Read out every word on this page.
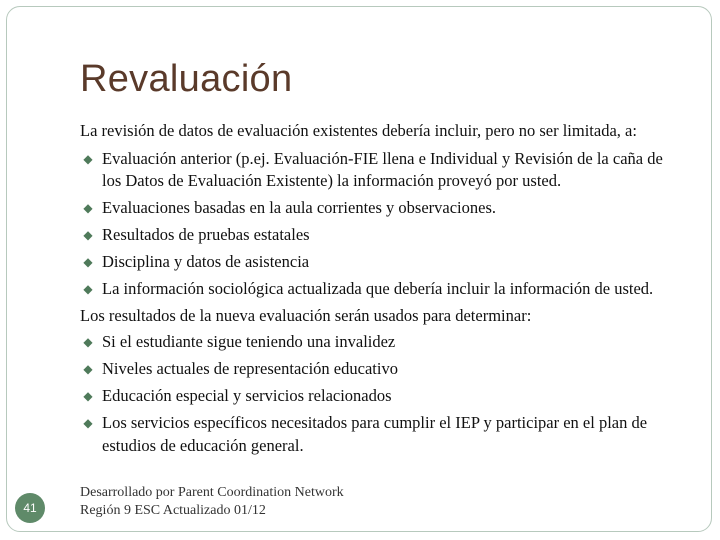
Revaluación

La revisión de datos de evaluación existentes debería incluir, pero no ser limitada, a:

◆ Evaluación anterior (p.ej. Evaluación-FIE llena e Individual y Revisión de la caña de los Datos de Evaluación Existente) la información proveyó por usted.
◆ Evaluaciones basadas en la aula corrientes y observaciones.
◆ Resultados de pruebas estatales
◆ Disciplina y datos de asistencia
◆ La información sociológica actualizada que debería incluir la información de usted.

Los resultados de la nueva evaluación serán usados para determinar:

◆ Si el estudiante sigue teniendo una invalidez
◆ Niveles actuales de representación educativo
◆ Educación especial y servicios relacionados
◆ Los servicios específicos necesitados para cumplir el IEP y participar en el plan de estudios de educación general.
Desarrollado por Parent Coordination Network
Región 9 ESC Actualizado 01/12
41
